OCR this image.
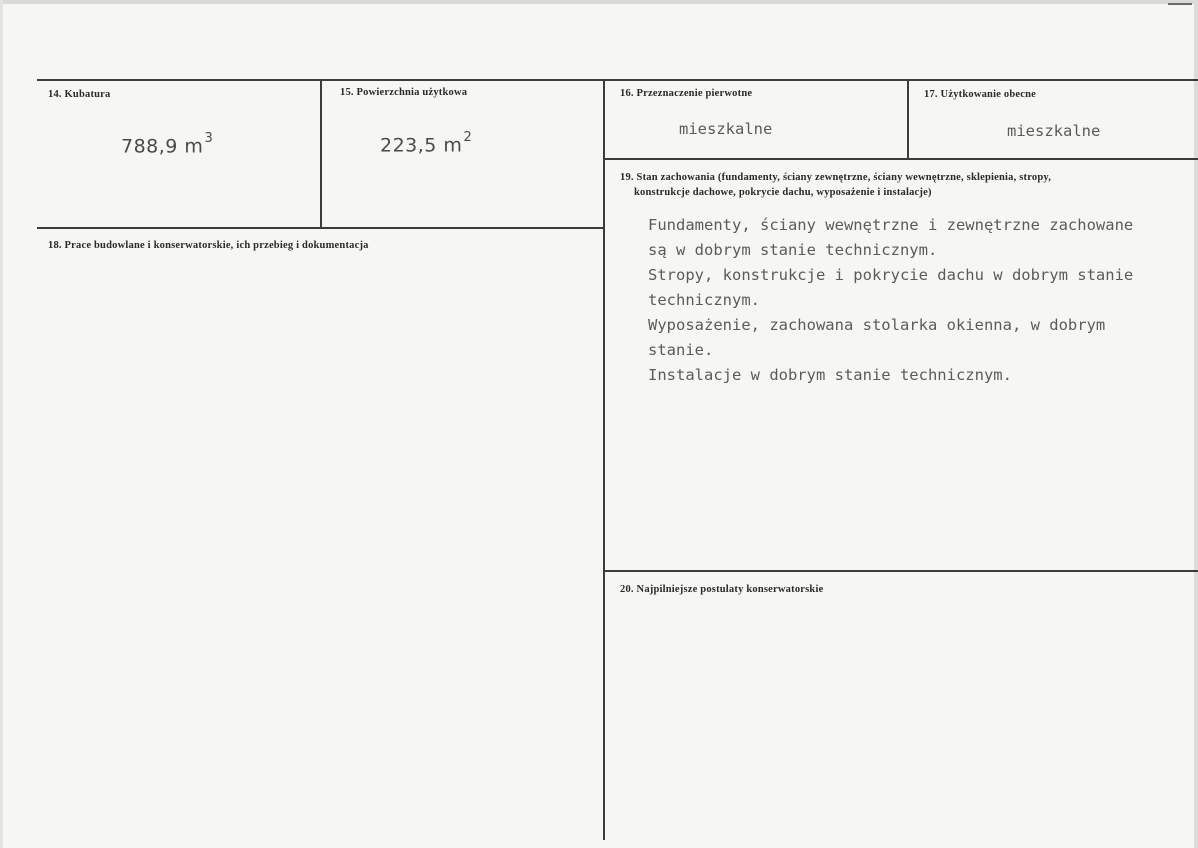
14. Kubatura
788,9 $m^3$
15. Powierzchnia użytkowa
223,5 $m^2$
16. Przeznaczenie pierwotne
mieszkalne
17. Użytkowanie obecne
mieszkalne
18. Prace budowlane i konserwatorskie, ich przebieg i dokumentacja
19. Stan zachowania (fundamenty, ściany zewnętrzne, ściany wewnętrzne, sklepienia, stropy,
konstrukcje dachowe, pokrycie dachu, wyposażenie i instalacje)
Fundamenty, ściany wewnętrzne i zewnętrzne zachowane
są w dobrym stanie technicznym.
Stropy, konstrukcje i pokrycie dachu w dobrym stanie
technicznym.
Wyposażenie, zachowana stolarka okienna, w dobrym
stanie.
Instalacje w dobrym stanie technicznym.
20. Najpilniejsze postulaty konserwatorskie
